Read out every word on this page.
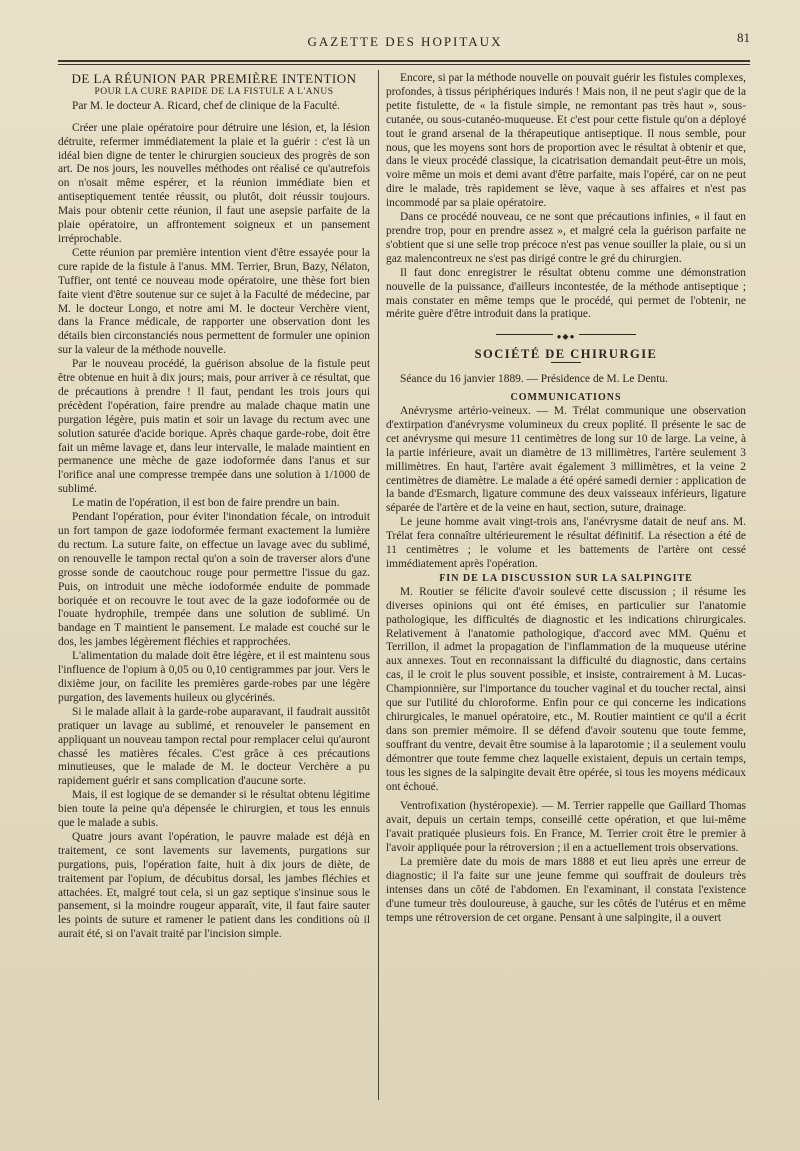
GAZETTE DES HOPITAUX	81

DE LA RÉUNION PAR PREMIÈRE INTENTION

POUR LA CURE RAPIDE DE LA FISTULE A L'ANUS

Par M. le docteur A. Ricard, chef de clinique de la Faculté.

Créer une plaie opératoire pour détruire une lésion, et, la lésion détruite, refermer immédiatement la plaie et la guérir : c'est là un idéal bien digne de tenter le chirurgien soucieux des progrès de son art. De nos jours, les nouvelles méthodes ont réalisé ce qu'autrefois on n'osait même espérer, et la réunion immédiate bien et antiseptiquement tentée réussit, ou plutôt, doit réussir toujours. Mais pour obtenir cette réunion, il faut une asepsie parfaite de la plaie opératoire, un affrontement soigneux et un pansement irréprochable.

Cette réunion par première intention vient d'être essayée pour la cure rapide de la fistule à l'anus. MM. Terrier, Brun, Bazy, Nélaton, Tuffier, ont tenté ce nouveau mode opératoire, une thèse fort bien faite vient d'être soutenue sur ce sujet à la Faculté de médecine, par M. le docteur Longo, et notre ami M. le docteur Verchère vient, dans la France médicale, de rapporter une observation dont les détails bien circonstanciés nous permettent de formuler une opinion sur la valeur de la méthode nouvelle.

Par le nouveau procédé, la guérison absolue de la fistule peut être obtenue en huit à dix jours; mais, pour arriver à ce résultat, que de précautions à prendre ! Il faut, pendant les trois jours qui précèdent l'opération, faire prendre au malade chaque matin une purgation légère, puis matin et soir un lavage du rectum avec une solution saturée d'acide borique. Après chaque garde-robe, doit être fait un même lavage et, dans leur intervalle, le malade maintient en permanence une mèche de gaze iodoformée dans l'anus et sur l'orifice anal une compresse trempée dans une solution à 1/1000 de sublimé.

Le matin de l'opération, il est bon de faire prendre un bain.

Pendant l'opération, pour éviter l'inondation fécale, on introduit un fort tampon de gaze iodoformée fermant exactement la lumière du rectum. La suture faite, on effectue un lavage avec du sublimé, on renouvelle le tampon rectal qu'on a soin de traverser alors d'une grosse sonde de caoutchouc rouge pour permettre l'issue du gaz. Puis, on introduit une mèche iodoformée enduite de pommade boriquée et on recouvre le tout avec de la gaze iodoformée ou de l'ouate hydrophile, trempée dans une solution de sublimé. Un bandage en T maintient le pansement. Le malade est couché sur le dos, les jambes légèrement fléchies et rapprochées.

L'alimentation du malade doit être légère, et il est maintenu sous l'influence de l'opium à 0,05 ou 0,10 centigrammes par jour. Vers le dixième jour, on facilite les premières garde-robes par une légère purgation, des lavements huileux ou glycérinés.

Si le malade allait à la garde-robe auparavant, il faudrait aussitôt pratiquer un lavage au sublimé, et renouveler le pansement en appliquant un nouveau tampon rectal pour remplacer celui qu'auront chassé les matières fécales. C'est grâce à ces précautions minutieuses, que le malade de M. le docteur Verchère a pu rapidement guérir et sans complication d'aucune sorte.

Mais, il est logique de se demander si le résultat obtenu légitime bien toute la peine qu'a dépensée le chirurgien, et tous les ennuis que le malade a subis.

Quatre jours avant l'opération, le pauvre malade est déjà en traitement, ce sont lavements sur lavements, purgations sur purgations, puis, l'opération faite, huit à dix jours de diète, de traitement par l'opium, de décubitus dorsal, les jambes fléchies et attachées. Et, malgré tout cela, si un gaz septique s'insinue sous le pansement, si la moindre rougeur apparaît, vite, il faut faire sauter les points de suture et ramener le patient dans les conditions où il aurait été, si on l'avait traité par l'incision simple.

Encore, si par la méthode nouvelle on pouvait guérir les fistules complexes, profondes, à tissus périphériques indurés ! Mais non, il ne peut s'agir que de la petite fistulette, de « la fistule simple, ne remontant pas très haut », sous-cutanée, ou sous-cutanéo-muqueuse. Et c'est pour cette fistule qu'on a déployé tout le grand arsenal de la thérapeutique antiseptique. Il nous semble, pour nous, que les moyens sont hors de proportion avec le résultat à obtenir et que, dans le vieux procédé classique, la cicatrisation demandait peut-être un mois, voire même un mois et demi avant d'être parfaite, mais l'opéré, car on ne peut dire le malade, très rapidement se lève, vaque à ses affaires et n'est pas incommodé par sa plaie opératoire.

Dans ce procédé nouveau, ce ne sont que précautions infinies, « il faut en prendre trop, pour en prendre assez », et malgré cela la guérison parfaite ne s'obtient que si une selle trop précoce n'est pas venue souiller la plaie, ou si un gaz malencontreux ne s'est pas dirigé contre le gré du chirurgien.

Il faut donc enregistrer le résultat obtenu comme une démonstration nouvelle de la puissance, d'ailleurs incontestée, de la méthode antiseptique ; mais constater en même temps que le procédé, qui permet de l'obtenir, ne mérite guère d'être introduit dans la pratique.

●◆●

SOCIÉTÉ DE CHIRURGIE

Séance du 16 janvier 1889. — Présidence de M. Le Dentu.

COMMUNICATIONS

Anévrysme artério-veineux. — M. Trélat communique une observation d'extirpation d'anévrysme volumineux du creux poplité. Il présente le sac de cet anévrysme qui mesure 11 centimètres de long sur 10 de large. La veine, à la partie inférieure, avait un diamètre de 13 millimètres, l'artère seulement 3 millimètres. En haut, l'artère avait également 3 millimètres, et la veine 2 centimètres de diamètre. Le malade a été opéré samedi dernier : application de la bande d'Esmarch, ligature commune des deux vaisseaux inférieurs, ligature séparée de l'artère et de la veine en haut, section, suture, drainage.

Le jeune homme avait vingt-trois ans, l'anévrysme datait de neuf ans. M. Trélat fera connaître ultérieurement le résultat définitif. La résection a été de 11 centimètres ; le volume et les battements de l'artère ont cessé immédiatement après l'opération.

FIN DE LA DISCUSSION SUR LA SALPINGITE

M. Routier se félicite d'avoir soulevé cette discussion ; il résume les diverses opinions qui ont été émises, en particulier sur l'anatomie pathologique, les difficultés de diagnostic et les indications chirurgicales. Relativement à l'anatomie pathologique, d'accord avec MM. Quénu et Terrillon, il admet la propagation de l'inflammation de la muqueuse utérine aux annexes. Tout en reconnaissant la difficulté du diagnostic, dans certains cas, il le croit le plus souvent possible, et insiste, contrairement à M. Lucas-Championnière, sur l'importance du toucher vaginal et du toucher rectal, ainsi que sur l'utilité du chloroforme. Enfin pour ce qui concerne les indications chirurgicales, le manuel opératoire, etc., M. Routier maintient ce qu'il a écrit dans son premier mémoire. Il se défend d'avoir soutenu que toute femme, souffrant du ventre, devait être soumise à la laparotomie ; il a seulement voulu démontrer que toute femme chez laquelle existaient, depuis un certain temps, tous les signes de la salpingite devait être opérée, si tous les moyens médicaux ont échoué.

Ventrofixation (hystéropexie). — M. Terrier rappelle que Gaillard Thomas avait, depuis un certain temps, conseillé cette opération, et que lui-même l'avait pratiquée plusieurs fois. En France, M. Terrier croit être le premier à l'avoir appliquée pour la rétroversion ; il en a actuellement trois observations.

La première date du mois de mars 1888 et eut lieu après une erreur de diagnostic; il l'a faite sur une jeune femme qui souffrait de douleurs très intenses dans un côté de l'abdomen. En l'examinant, il constata l'existence d'une tumeur très douloureuse, à gauche, sur les côtés de l'utérus et en même temps une rétroversion de cet organe. Pensant à une salpingite, il a ouvert
